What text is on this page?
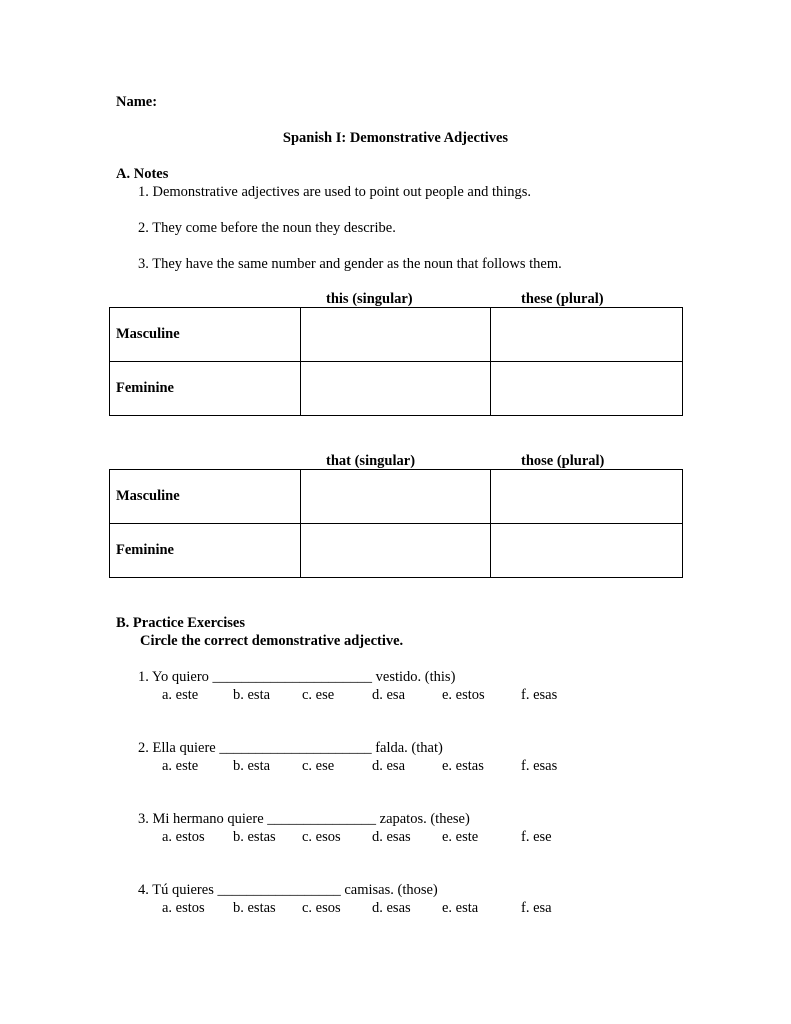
Name:
Spanish I: Demonstrative Adjectives
A. Notes
1. Demonstrative adjectives are used to point out people and things.
2. They come before the noun they describe.
3. They have the same number and gender as the noun that follows them.
this (singular)	these (plural)
Masculine		
Feminine		
that (singular)	those (plural)
Masculine		
Feminine		
B. Practice Exercises
Circle the correct demonstrative adjective.
1. Yo quiero ______________________ vestido. (this)
a. este b. esta c. ese	d. esa	e. estos	f. esas
2. Ella quiere _____________________ falda. (that)
a. este b. esta c. ese	d. esa	e. estas	f. esas
3. Mi hermano quiere _______________ zapatos. (these)
a. estos b. estas c. esos d. esas e. este	f. ese
4. Tú quieres _________________ camisas. (those)
a. estos b. estas c. esos d. esas e. esta	f. esa
